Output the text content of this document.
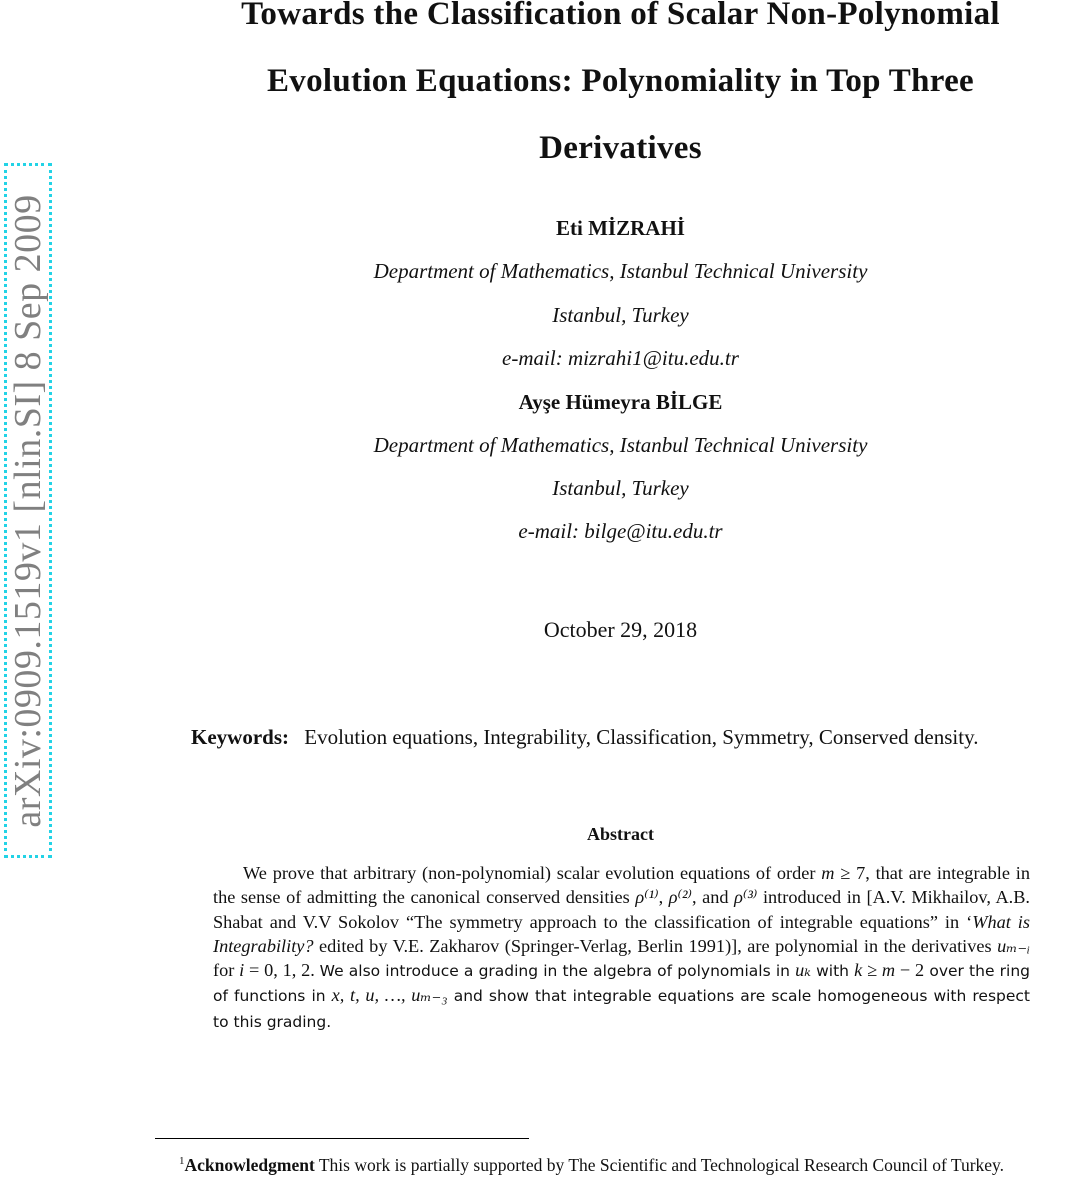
arXiv:0909.1519v1 [nlin.SI] 8 Sep 2009
Towards the Classification of Scalar Non-Polynomial
Evolution Equations: Polynomiality in Top Three
Derivatives
Eti MİZRAHİ
Department of Mathematics, Istanbul Technical University
Istanbul, Turkey
e-mail: mizrahi1@itu.edu.tr
Ayşe Hümeyra BİLGE
Department of Mathematics, Istanbul Technical University
Istanbul, Turkey
e-mail: bilge@itu.edu.tr
October 29, 2018
Keywords: Evolution equations, Integrability, Classification, Symmetry, Conserved density.
Abstract
We prove that arbitrary (non-polynomial) scalar evolution equations of order m ≥ 7, that are integrable in the sense of admitting the canonical conserved densities ρ⁽¹⁾, ρ⁽²⁾, and ρ⁽³⁾ introduced in [A.V. Mikhailov, A.B. Shabat and V.V Sokolov “The symmetry approach to the classification of integrable equations” in ‘What is Integrability? edited by V.E. Zakharov (Springer-Verlag, Berlin 1991)], are polynomial in the derivatives uₘ₋ᵢ for i = 0, 1, 2. We also introduce a grading in the algebra of polynomials in uₖ with k ≥ m − 2 over the ring of functions in x, t, u, …, uₘ₋₃ and show that integrable equations are scale homogeneous with respect to this grading.
$^1$Acknowledgment This work is partially supported by The Scientific and Technological Research Council of Turkey.
